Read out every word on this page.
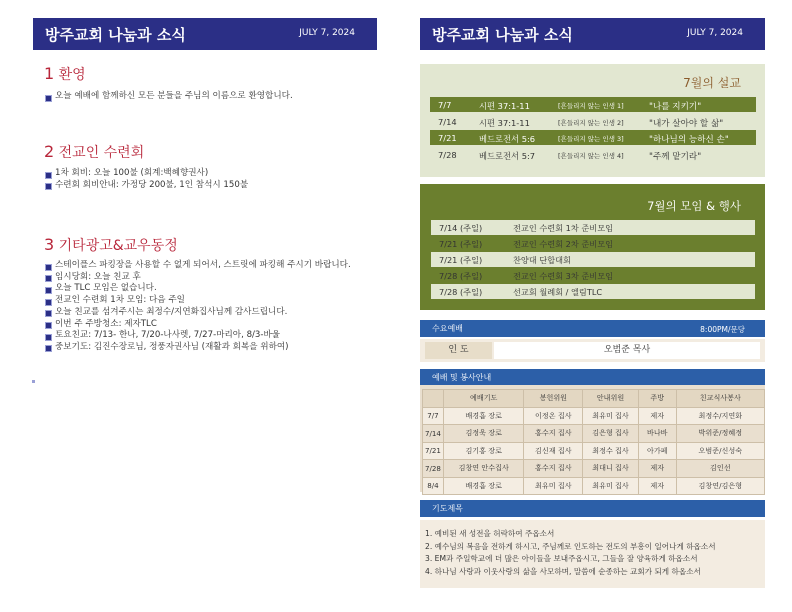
방주교회 나눔과 소식	JULY 7, 2024
1 환영
오늘 예배에 함께하신 모든 분들을 주님의 이름으로 환영합니다.
2 전교인 수련회
1차 회비: 오늘 100불 (회계:백혜향권사)
수련회 회비안내: 가정당 200불, 1인 참석시 150불
3 기타광고&교우동정
스테이플스 파킹장을 사용할 수 없게 되어서, 스트릿에 파킹해 주시기 바랍니다.
임시당회: 오늘 친교 후
오늘 TLC 모임은 없습니다.
전교인 수련회 1차 모임: 다음 주일
오늘 친교를 섬겨주시는 최정수/지연화집사님께 감사드립니다.
이번 주 주방청소: 제자TLC
토요친교: 7/13- 한나, 7/20-나사렛, 7/27-마리아, 8/3-바울
중보기도: 김진수장로님, 정풍자권사님 (재활과 회복을 위하여)
방주교회 나눔과 소식	JULY 7, 2024
7월의 설교
7/7	시편 37:1-11	[흔들리지 않는 인생 1]	"나를 지키기"
7/14	시편 37:1-11	[흔들리지 않는 인생 2]	"내가 살아야 할 삶"
7/21	베드로전서 5:6	[흔들리지 않는 인생 3]	"하나님의 능하신 손"
7/28	베드로전서 5:7	[흔들리지 않는 인생 4]	"주께 맡기라"
7월의 모임 & 행사
7/14 (주일)	전교인 수련회 1차 준비모임
7/21 (주일)	전교인 수련회 2차 준비모임
7/21 (주일)	찬양대 단합대회
7/28 (주일)	전교인 수련회 3차 준비모임
7/28 (주일)	선교회 월례회 / 엘림TLC
수요예배	8:00PM/문당
인 도	오범준 목사
예배 및 봉사안내
	예배기도	봉헌위원	안내위원	주방	친교식사봉사
7/7	배경흡 장로	이정온 집사	최유미 집사	제자	최정수/지연화
7/14	김정욱 장로	홍수지 집사	김은형 집사	바나바	박위준/정혜정
7/21	김기홍 장로	김신재 집사	최정수 집사	아가페	오범준/신성숙
7/28	김창연 안수집사	홍수지 집사	최대니 집사	제자	김인선
8/4	배경흡 장로	최유미 집사	최유미 집사	제자	김창연/김은형
기도제목
1. 예비된 새 성전을 허락하여 주옵소서
2. 예수님의 복음을 전하게 하시고, 주님께로 인도하는 전도의 부흥이 일어나게 하옵소서
3. EM과 주일학교에 더 많은 아이들을 보내주옵시고, 그들을 잘 양육하게 하옵소서
4. 하나님 사랑과 이웃사랑의 삶을 사모하며, 말씀에 순종하는 교회가 되게 하옵소서
